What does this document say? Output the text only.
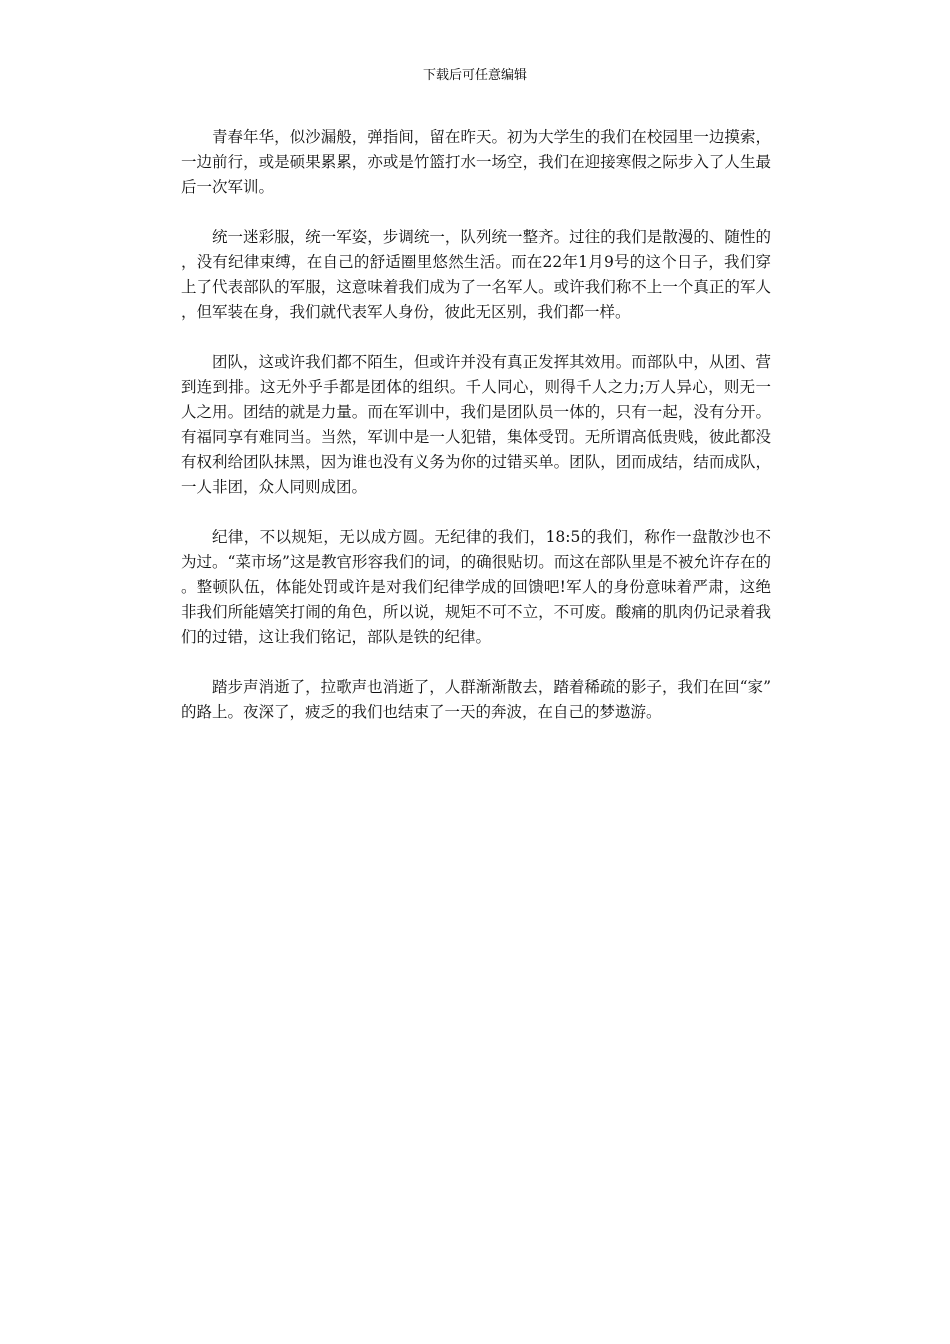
下载后可任意编辑

青春年华，似沙漏般，弹指间，留在昨天。初为大学生的我们在校园里一边摸索，一边前行，或是硕果累累，亦或是竹篮打水一场空，我们在迎接寒假之际步入了人生最后一次军训。

统一迷彩服，统一军姿，步调统一，队列统一整齐。过往的我们是散漫的、随性的，没有纪律束缚，在自己的舒适圈里悠然生活。而在22年1月9号的这个日子，我们穿上了代表部队的军服，这意味着我们成为了一名军人。或许我们称不上一个真正的军人，但军装在身，我们就代表军人身份，彼此无区别，我们都一样。

团队，这或许我们都不陌生，但或许并没有真正发挥其效用。而部队中，从团、营到连到排。这无外乎手都是团体的组织。千人同心，则得千人之力;万人异心，则无一人之用。团结的就是力量。而在军训中，我们是团队员一体的，只有一起，没有分开。有福同享有难同当。当然，军训中是一人犯错，集体受罚。无所谓高低贵贱，彼此都没有权利给团队抹黑，因为谁也没有义务为你的过错买单。团队，团而成结，结而成队，一人非团，众人同则成团。

纪律，不以规矩，无以成方圆。无纪律的我们，18:5的我们，称作一盘散沙也不为过。“菜市场”这是教官形容我们的词，的确很贴切。而这在部队里是不被允许存在的。整顿队伍，体能处罚或许是对我们纪律学成的回馈吧!军人的身份意味着严肃，这绝非我们所能嬉笑打闹的角色，所以说，规矩不可不立，不可废。酸痛的肌肉仍记录着我们的过错，这让我们铭记，部队是铁的纪律。

踏步声消逝了，拉歌声也消逝了，人群渐渐散去，踏着稀疏的影子，我们在回“家”的路上。夜深了，疲乏的我们也结束了一天的奔波，在自己的梦遨游。
